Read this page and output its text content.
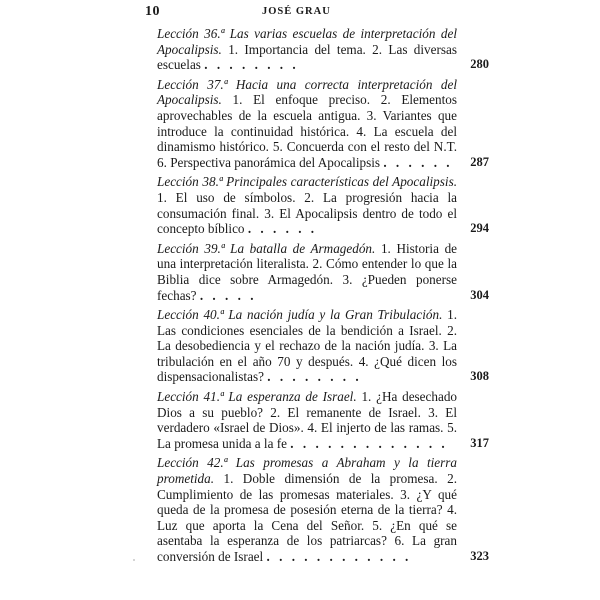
10	JOSÉ GRAU

Lección 36.ª Las varias escuelas de interpretación del Apocalipsis. 1. Importancia del tema. 2. Las diversas escuelas . . . . . . . .	280

Lección 37.ª Hacia una correcta interpretación del Apocalipsis. 1. El enfoque preciso. 2. Elementos aprovechables de la escuela antigua. 3. Variantes que introduce la continuidad histórica. 4. La escuela del dinamismo histórico. 5. Concuerda con el resto del N.T. 6. Perspectiva panorámica del Apocalipsis . . . . . . 287

Lección 38.ª Principales características del Apocalipsis. 1. El uso de símbolos. 2. La progresión hacia la consumación final. 3. El Apocalipsis dentro de todo el concepto bíblico . . . . . .	294

Lección 39.ª La batalla de Armagedón. 1. Historia de una interpretación literalista. 2. Cómo entender lo que la Biblia dice sobre Armagedón. 3. ¿Pueden ponerse fechas? . . . . .	304

Lección 40.ª La nación judía y la Gran Tribulación. 1. Las condiciones esenciales de la bendición a Israel. 2. La desobediencia y el rechazo de la nación judía. 3. La tribulación en el año 70 y después. 4. ¿Qué dicen los dispensacionalistas? . . . . . . . .	308

Lección 41.ª La esperanza de Israel. 1. ¿Ha desechado Dios a su pueblo? 2. El remanente de Israel. 3. El verdadero «Israel de Dios». 4. El injerto de las ramas. 5. La promesa unida a la fe . . . . . . . . . . . . . 317

Lección 42.ª Las promesas a Abraham y la tierra prometida. 1. Doble dimensión de la promesa. 2. Cumplimiento de las promesas materiales. 3. ¿Y qué queda de la promesa de posesión eterna de la tierra? 4. Luz que aporta la Cena del Señor. 5. ¿En qué se asentaba la esperanza de los patriarcas? 6. La gran conversión de Israel . . . . . . . . . . . .	323
